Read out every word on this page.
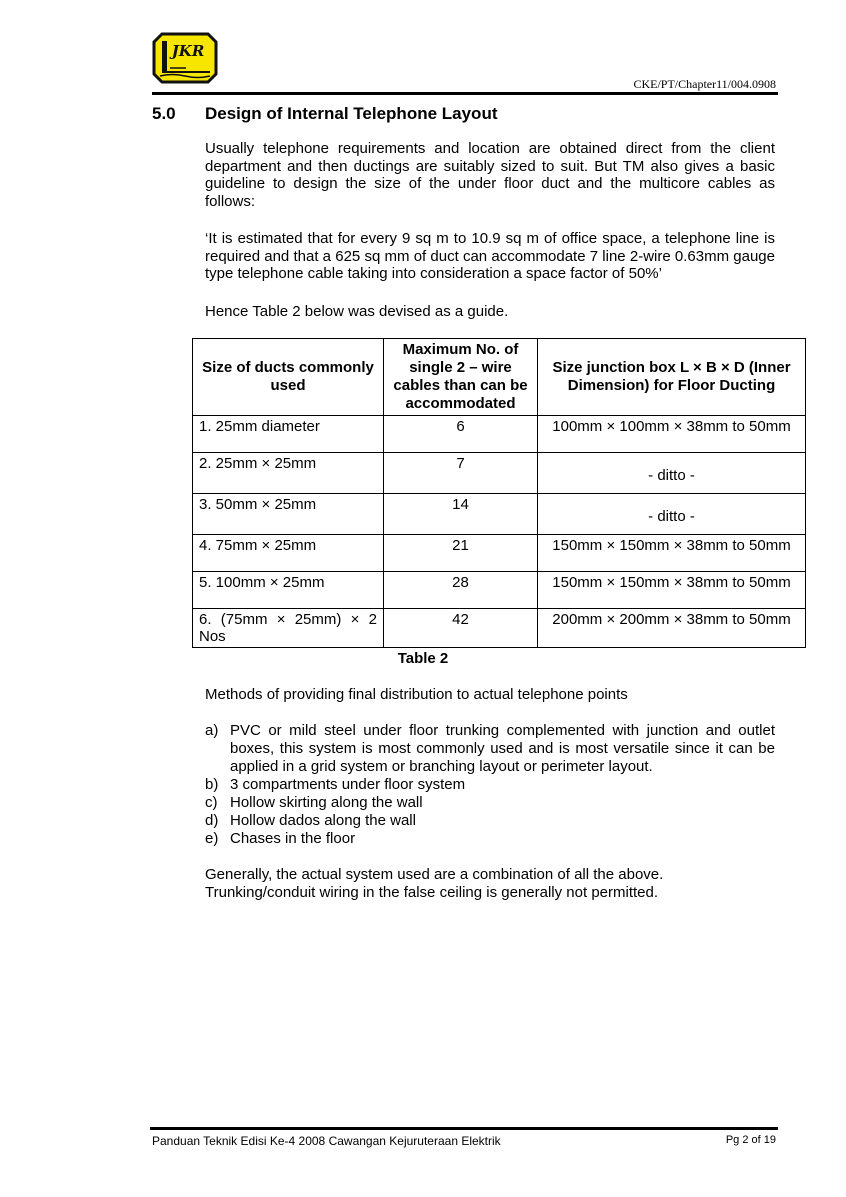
JKR
CKE/PT/Chapter11/004.0908
5.0 Design of Internal Telephone Layout

Usually telephone requirements and location are obtained direct from the client department and then ductings are suitably sized to suit. But TM also gives a basic guideline to design the size of the under floor duct and the multicore cables as follows:

‘It is estimated that for every 9 sq m to 10.9 sq m of office space, a telephone line is required and that a 625 sq mm of duct can accommodate 7 line 2-wire 0.63mm gauge type telephone cable taking into consideration a space factor of 50%’

Hence Table 2 below was devised as a guide.

Size of ducts commonly used	Maximum No. of single 2 – wire cables than can be accommodated	Size junction box L × B × D (Inner Dimension) for Floor Ducting
1. 25mm diameter	6	100mm × 100mm × 38mm to 50mm
2. 25mm × 25mm	7	- ditto -
3. 50mm × 25mm	14	- ditto -
4. 75mm × 25mm	21	150mm × 150mm × 38mm to 50mm
5. 100mm × 25mm	28	150mm × 150mm × 38mm to 50mm
6. (75mm × 25mm) × 2 Nos	42	200mm × 200mm × 38mm to 50mm
Table 2

Methods of providing final distribution to actual telephone points

a) PVC or mild steel under floor trunking complemented with junction and outlet boxes, this system is most commonly used and is most versatile since it can be applied in a grid system or branching layout or perimeter layout.
b) 3 compartments under floor system
c) Hollow skirting along the wall
d) Hollow dados along the wall
e) Chases in the floor

Generally, the actual system used are a combination of all the above.

Trunking/conduit wiring in the false ceiling is generally not permitted.

Panduan Teknik Edisi Ke-4 2008 Cawangan Kejuruteraan Elektrik	Pg 2 of 19
